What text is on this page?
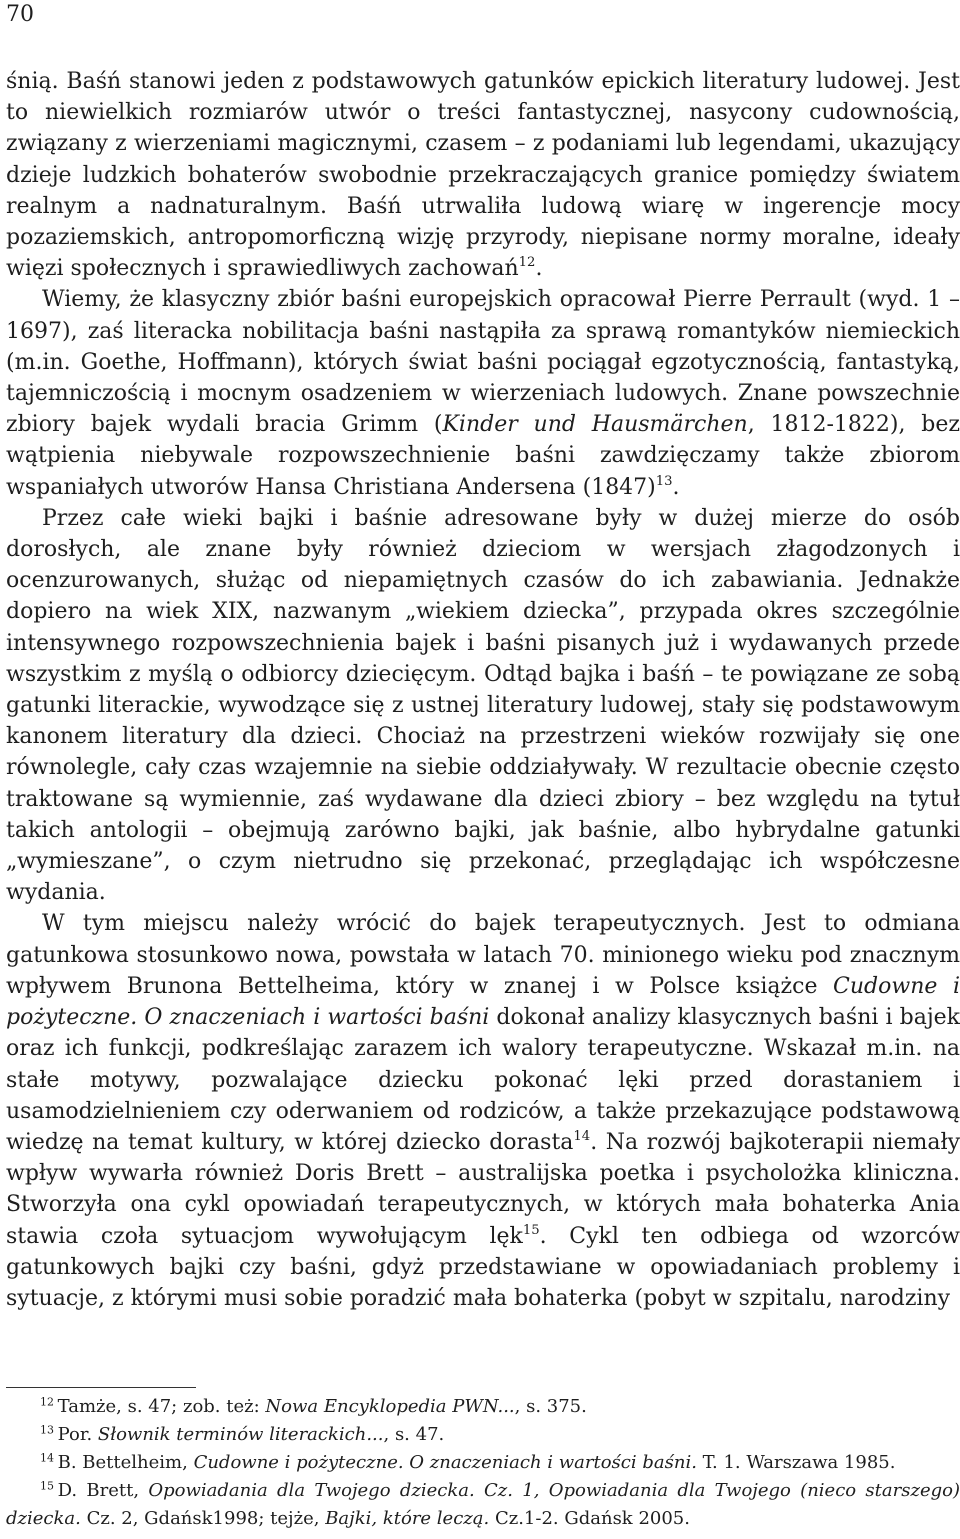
70

śnią. Baśń stanowi jeden z podstawowych gatunków epickich literatury ludowej. Jest to niewielkich rozmiarów utwór o treści fantastycznej, nasycony cudownością, związany z wierzeniami magicznymi, czasem – z podaniami lub legendami, ukazujący dzieje ludzkich bohaterów swobodnie przekraczających granice pomiędzy światem realnym a nadnaturalnym. Baśń utrwaliła ludową wiarę w ingerencje mocy pozaziemskich, antropomorficzną wizję przyrody, niepisane normy moralne, ideały więzi społecznych i sprawiedliwych zachowań$^{12}$.

Wiemy, że klasyczny zbiór baśni europejskich opracował Pierre Perrault (wyd. 1 – 1697), zaś literacka nobilitacja baśni nastąpiła za sprawą romantyków niemieckich (m.in. Goethe, Hoffmann), których świat baśni pociągał egzotycznością, fantastyką, tajemniczością i mocnym osadzeniem w wierzeniach ludowych. Znane powszechnie zbiory bajek wydali bracia Grimm (Kinder und Hausmärchen, 1812-1822), bez wątpienia niebywale rozpowszechnienie baśni zawdzięczamy także zbiorom wspaniałych utworów Hansa Christiana Andersena $(1847)^{13}$.

Przez całe wieki bajki i baśnie adresowane były w dużej mierze do osób dorosłych, ale znane były również dzieciom w wersjach złagodzonych i ocenzurowanych, służąc od niepamiętnych czasów do ich zabawiania. Jednakże dopiero na wiek XIX, nazwanym „wiekiem dziecka”, przypada okres szczególnie intensywnego rozpowszechnienia bajek i baśni pisanych już i wydawanych przede wszystkim z myślą o odbiorcy dziecięcym. Odtąd bajka i baśń – te powiązane ze sobą gatunki literackie, wywodzące się z ustnej literatury ludowej, stały się podstawowym kanonem literatury dla dzieci. Chociaż na przestrzeni wieków rozwijały się one równolegle, cały czas wzajemnie na siebie oddziaływały. W rezultacie obecnie często traktowane są wymiennie, zaś wydawane dla dzieci zbiory – bez względu na tytuł takich antologii – obejmują zarówno bajki, jak baśnie, albo hybrydalne gatunki „wymieszane”, o czym nietrudno się przekonać, przeglądając ich współczesne wydania.

W tym miejscu należy wrócić do bajek terapeutycznych. Jest to odmiana gatunkowa stosunkowo nowa, powstała w latach 70. minionego wieku pod znacznym wpływem Brunona Bettelheima, który w znanej i w Polsce książce Cudowne i pożyteczne. O znaczeniach i wartości baśni dokonał analizy klasycznych baśni i bajek oraz ich funkcji, podkreślając zarazem ich walory terapeutyczne. Wskazał m.in. na stałe motywy, pozwalające dziecku pokonać lęki przed dorastaniem i usamodzielnieniem czy oderwaniem od rodziców, a także przekazujące podstawową wiedzę na temat kultury, w której dziecko dorasta$^{14}$. Na rozwój bajkoterapii niemały wpływ wywarła również Doris Brett – australijska poetka i psycholożka kliniczna. Stworzyła ona cykl opowiadań terapeutycznych, w których mała bohaterka Ania stawia czoła sytuacjom wywołującym lęk$^{15}$. Cykl ten odbiega od wzorców gatunkowych bajki czy baśni, gdyż przedstawiane w opowiadaniach problemy i sytuacje, z którymi musi sobie poradzić mała bohaterka (pobyt w szpitalu, narodziny

$^{12}$  Tamże, s. 47; zob. też: Nowa Encyklopedia PWN..., s. 375.

$^{13}$  Por. Słownik terminów literackich..., s. 47.

$^{14}$  B. Bettelheim, Cudowne i pożyteczne. O znaczeniach i wartości baśni. T. 1. Warszawa 1985.

$^{15}$  D. Brett, Opowiadania dla Twojego dziecka. Cz. 1, Opowiadania dla Twojego (nieco starszego) dziecka. Cz. 2, Gdańsk1998; tejże, Bajki, które leczą. Cz.1-2. Gdańsk 2005.
